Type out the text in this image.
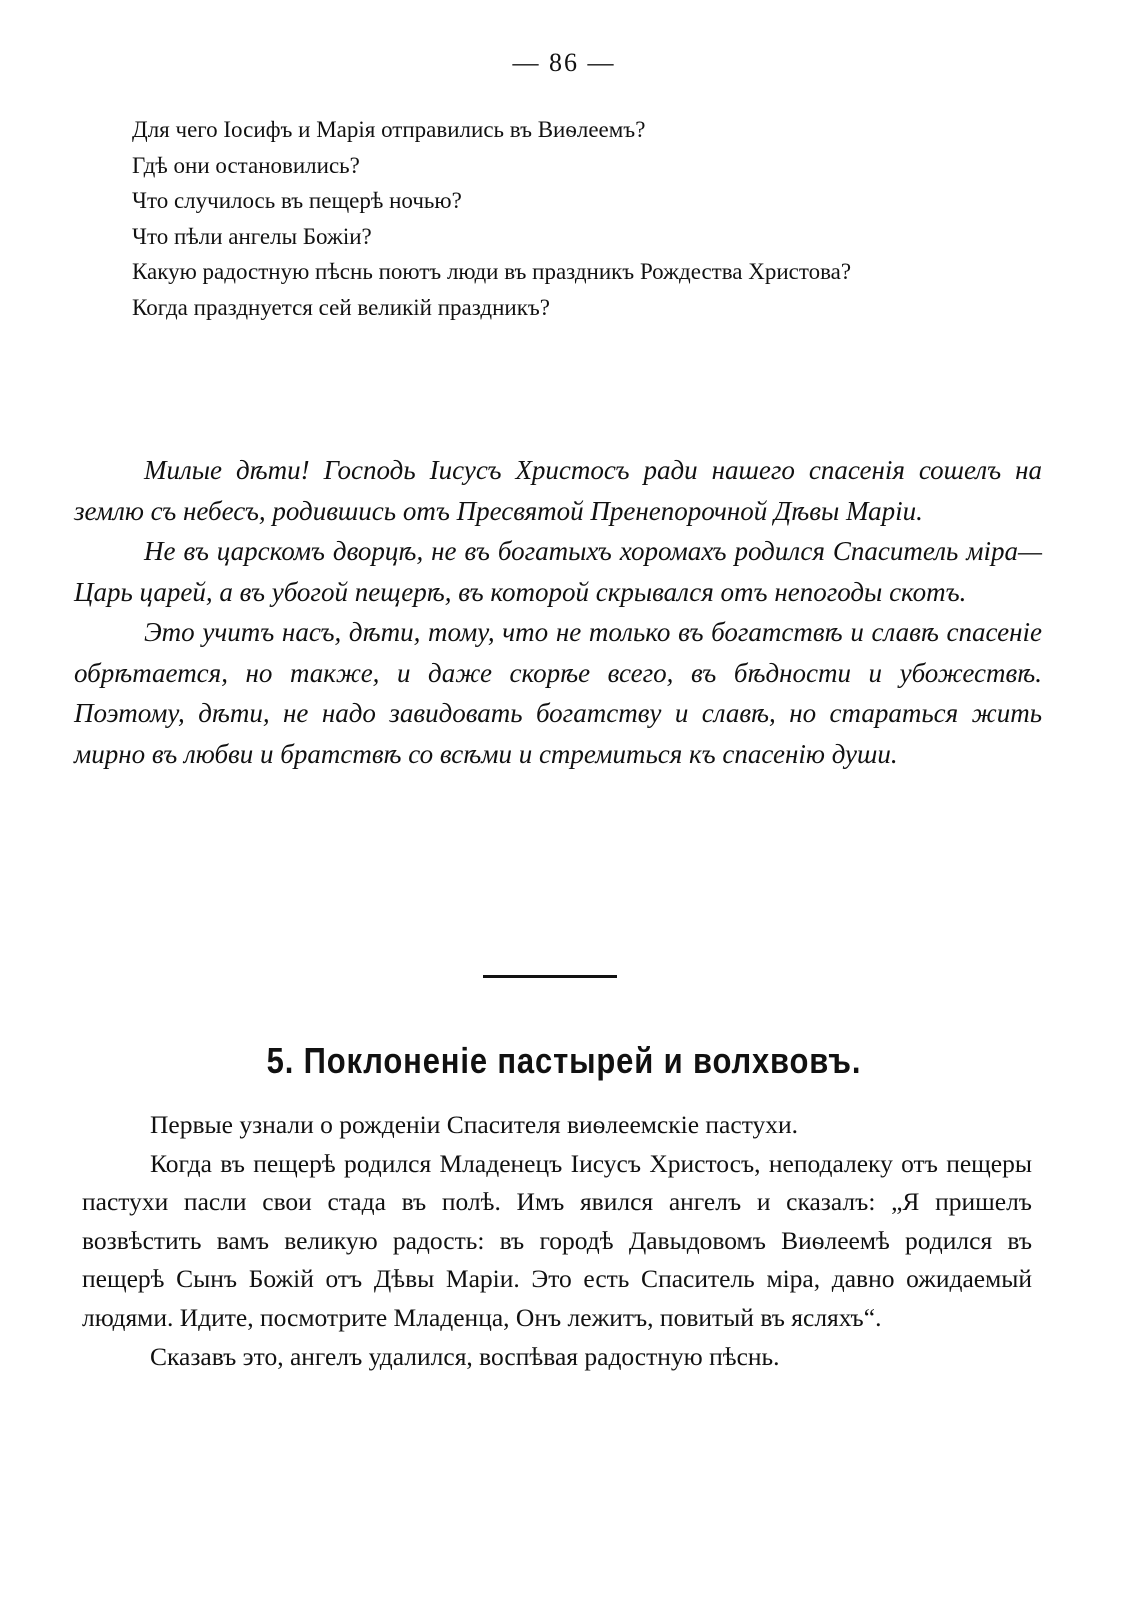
— 86 —

Для чего Іосифъ и Марія отправились въ Виѳлеемъ?

Гдѣ они остановились?

Что случилось въ пещерѣ ночью?

Что пѣли ангелы Божіи?

Какую радостную пѣснь поютъ люди въ праздникъ Рождества Христова?

Когда празднуется сей великій праздникъ?

Милые дѣти! Господь Іисусъ Христосъ ради нашего спасенія сошелъ на землю съ небесъ, родившись отъ Пресвятой Пренепорочной Дѣвы Маріи.

Не въ царскомъ дворцѣ, не въ богатыхъ хоромахъ родился Спаситель міра—Царь царей, а въ убогой пещерѣ, въ которой скрывался отъ непогоды скотъ.

Это учитъ насъ, дѣти, тому, что не только въ богатствѣ и славѣ спасеніе обрѣтается, но также, и даже скорѣе всего, въ бѣдности и убожествѣ. Поэтому, дѣти, не надо завидовать богатству и славѣ, но стараться жить мирно въ любви и братствѣ со всѣми и стремиться къ спасенію души.

5. Поклоненіе пастырей и волхвовъ.

Первые узнали о рожденіи Спасителя виѳлеемскіе пастухи.

Когда въ пещерѣ родился Младенецъ Іисусъ Христосъ, неподалеку отъ пещеры пастухи пасли свои стада въ полѣ. Имъ явился ангелъ и сказалъ: „Я пришелъ возвѣстить вамъ великую радость: въ городѣ Давыдовомъ Виѳлеемѣ родился въ пещерѣ Сынъ Божій отъ Дѣвы Маріи. Это есть Спаситель міра, давно ожидаемый людями. Идите, посмотрите Младенца, Онъ лежитъ, повитый въ ясляхъ“.

Сказавъ это, ангелъ удалился, воспѣвая радостную пѣснь.
